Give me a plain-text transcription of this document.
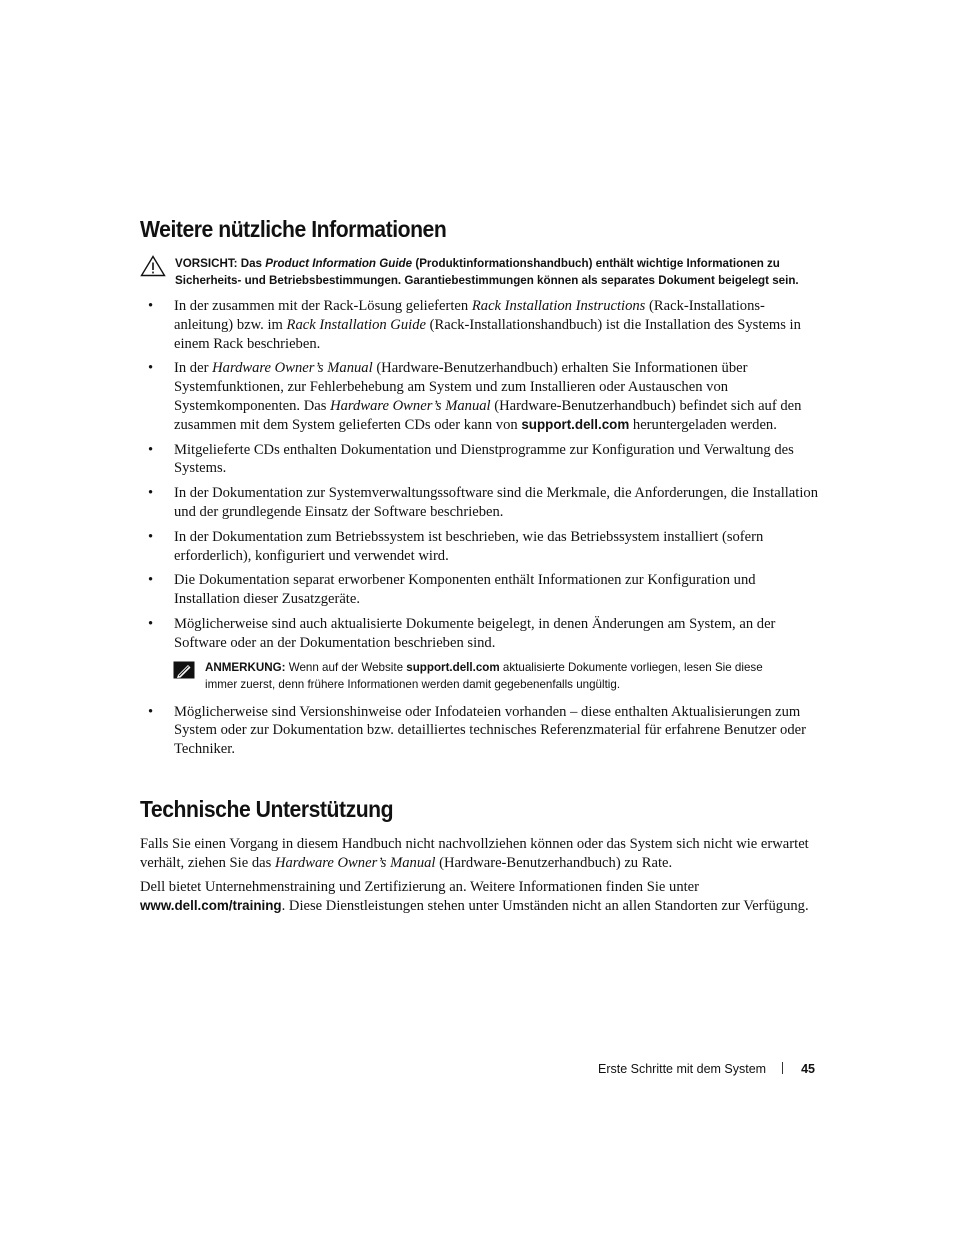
Weitere nützliche Informationen
VORSICHT: Das Product Information Guide (Produktinformationshandbuch) enthält wichtige Informationen zu Sicherheits- und Betriebsbestimmungen. Garantiebestimmungen können als separates Dokument beigelegt sein.
• In der zusammen mit der Rack-Lösung gelieferten Rack Installation Instructions (Rack-Installations-anleitung) bzw. im Rack Installation Guide (Rack-Installationshandbuch) ist die Installation des Systems in einem Rack beschrieben.
• In der Hardware Owner’s Manual (Hardware-Benutzerhandbuch) erhalten Sie Informationen über Systemfunktionen, zur Fehlerbehebung am System und zum Installieren oder Austauschen von Systemkomponenten. Das Hardware Owner’s Manual (Hardware-Benutzerhandbuch) befindet sich auf den zusammen mit dem System gelieferten CDs oder kann von support.dell.com heruntergeladen werden.
• Mitgelieferte CDs enthalten Dokumentation und Dienstprogramme zur Konfiguration und Verwaltung des Systems.
• In der Dokumentation zur Systemverwaltungssoftware sind die Merkmale, die Anforderungen, die Installation und der grundlegende Einsatz der Software beschrieben.
• In der Dokumentation zum Betriebssystem ist beschrieben, wie das Betriebssystem installiert (sofern erforderlich), konfiguriert und verwendet wird.
• Die Dokumentation separat erworbener Komponenten enthält Informationen zur Konfiguration und Installation dieser Zusatzgeräte.
• Möglicherweise sind auch aktualisierte Dokumente beigelegt, in denen Änderungen am System, an der Software oder an der Dokumentation beschrieben sind.
ANMERKUNG: Wenn auf der Website support.dell.com aktualisierte Dokumente vorliegen, lesen Sie diese immer zuerst, denn frühere Informationen werden damit gegebenenfalls ungültig.
• Möglicherweise sind Versionshinweise oder Infodateien vorhanden – diese enthalten Aktualisierungen zum System oder zur Dokumentation bzw. detailliertes technisches Referenzmaterial für erfahrene Benutzer oder Techniker.
Technische Unterstützung

Falls Sie einen Vorgang in diesem Handbuch nicht nachvollziehen können oder das System sich nicht wie erwartet verhält, ziehen Sie das Hardware Owner’s Manual (Hardware-Benutzerhandbuch) zu Rate.

Dell bietet Unternehmenstraining und Zertifizierung an. Weitere Informationen finden Sie unter www.dell.com/training. Diese Dienstleistungen stehen unter Umständen nicht an allen Standorten zur Verfügung.

Erste Schritte mit dem System	45
